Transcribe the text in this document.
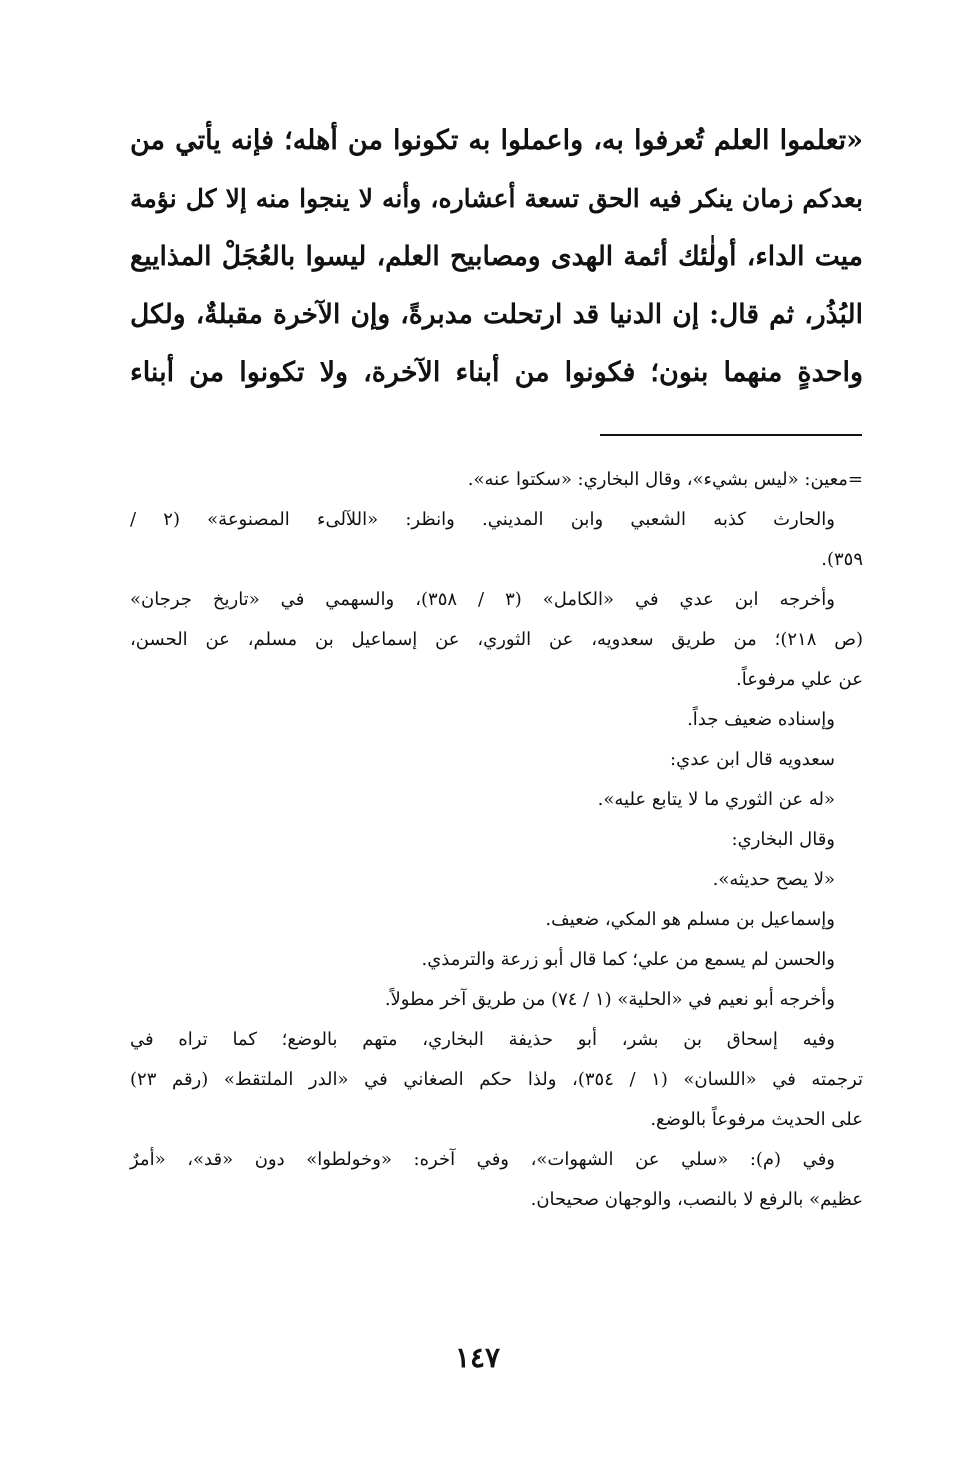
«تعلموا العلم تُعرفوا به، واعملوا به تكونوا من أهله؛ فإنه يأتي من
بعدكم زمان ينكر فيه الحق تسعة أعشاره، وأنه لا ينجوا منه إلا كل نؤمة
ميت الداء، أولٰئك أئمة الهدى ومصابيح العلم، ليسوا بالعُجَلْ المذاييع
البُذُر، ثم قال: إن الدنيا قد ارتحلت مدبرةً، وإن الآخرة مقبلةٌ، ولكل
واحدةٍ منهما بنون؛ فكونوا من أبناء الآخرة، ولا تكونوا من أبناء
=معين: «ليس بشيء»، وقال البخاري: «سكتوا عنه».
والحارث كذبه الشعبي وابن المديني. وانظر: «اللآلىء المصنوعة» (٢ /
٣٥٩).
وأخرجه ابن عدي في «الكامل» (٣ / ٣٥٨)، والسهمي في «تاريخ جرجان»
(ص ٢١٨)؛ من طريق سعدويه، عن الثوري، عن إسماعيل بن مسلم، عن الحسن،
عن علي مرفوعاً.
وإسناده ضعيف جداً.
سعدويه قال ابن عدي:
«له عن الثوري ما لا يتابع عليه».
وقال البخاري:
«لا يصح حديثه».
وإسماعيل بن مسلم هو المكي، ضعيف.
والحسن لم يسمع من علي؛ كما قال أبو زرعة والترمذي.
وأخرجه أبو نعيم في «الحلية» (١ / ٧٤) من طريق آخر مطولاً.
وفيه إسحاق بن بشر، أبو حذيفة البخاري، متهم بالوضع؛ كما تراه في
ترجمته في «اللسان» (١ / ٣٥٤)، ولذا حكم الصغاني في «الدر الملتقط» (رقم ٢٣)
على الحديث مرفوعاً بالوضع.
وفي (م): «سلي عن الشهوات»، وفي آخره: «وخولطوا» دون «قد»، «أمرٌ
عظيم» بالرفع لا بالنصب، والوجهان صحيحان.
١٤٧
